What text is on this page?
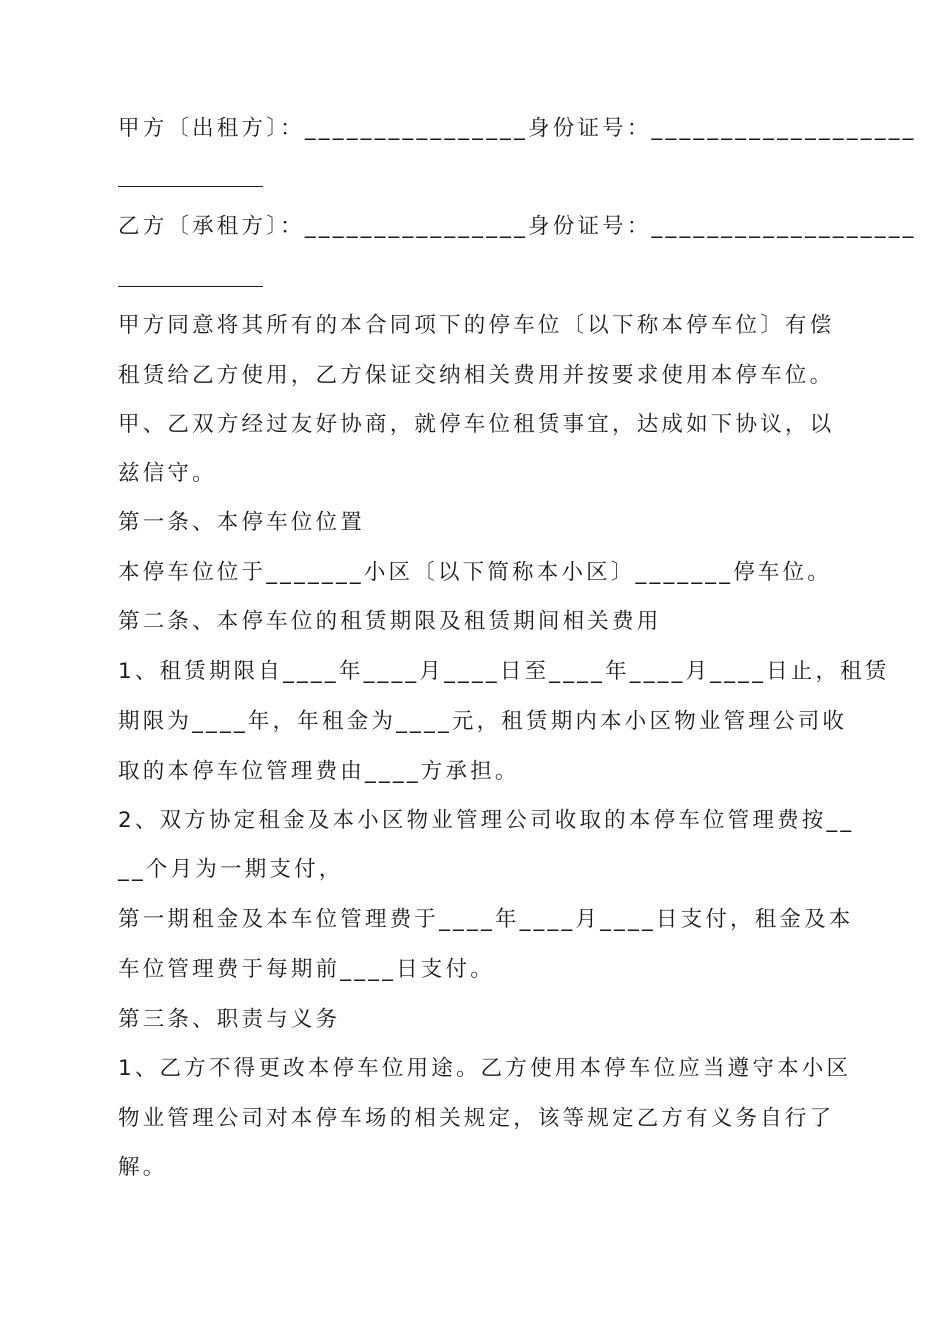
甲方〔出租方〕：________________身份证号：___________________
乙方〔承租方〕：________________身份证号：___________________
甲方同意将其所有的本合同项下的停车位〔以下称本停车位〕有偿
租赁给乙方使用，乙方保证交纳相关费用并按要求使用本停车位。
甲、乙双方经过友好协商，就停车位租赁事宜，达成如下协议，以
兹信守。
第一条、本停车位位置
本停车位位于_______小区〔以下简称本小区〕_______停车位。
第二条、本停车位的租赁期限及租赁期间相关费用
1、租赁期限自____年____月____日至____年____月____日止，租赁
期限为____年，年租金为____元，租赁期内本小区物业管理公司收
取的本停车位管理费由____方承担。
2、双方协定租金及本小区物业管理公司收取的本停车位管理费按__
__个月为一期支付，
第一期租金及本车位管理费于____年____月____日支付，租金及本
车位管理费于每期前____日支付。
第三条、职责与义务
1、乙方不得更改本停车位用途。乙方使用本停车位应当遵守本小区
物业管理公司对本停车场的相关规定，该等规定乙方有义务自行了
解。
